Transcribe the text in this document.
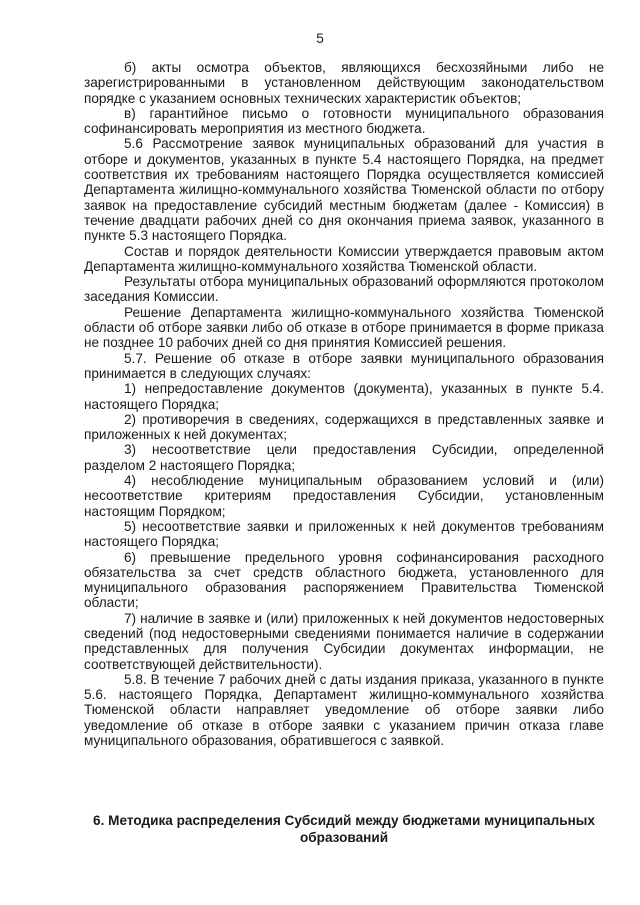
5

б) акты осмотра объектов, являющихся бесхозяйными либо не зарегистрированными в установленном действующим законодательством порядке с указанием основных технических характеристик объектов;

в) гарантийное письмо о готовности муниципального образования софинансировать мероприятия из местного бюджета.

5.6 Рассмотрение заявок муниципальных образований для участия в отборе и документов, указанных в пункте 5.4 настоящего Порядка, на предмет соответствия их требованиям настоящего Порядка осуществляется комиссией Департамента жилищно-коммунального хозяйства Тюменской области по отбору заявок на предоставление субсидий местным бюджетам (далее - Комиссия) в течение двадцати рабочих дней со дня окончания приема заявок, указанного в пункте 5.3 настоящего Порядка.

Состав и порядок деятельности Комиссии утверждается правовым актом Департамента жилищно-коммунального хозяйства Тюменской области.

Результаты отбора муниципальных образований оформляются протоколом заседания Комиссии.

Решение Департамента жилищно-коммунального хозяйства Тюменской области об отборе заявки либо об отказе в отборе принимается в форме приказа не позднее 10 рабочих дней со дня принятия Комиссией решения.

5.7. Решение об отказе в отборе заявки муниципального образования принимается в следующих случаях:

1) непредоставление документов (документа), указанных в пункте 5.4. настоящего Порядка;

2) противоречия в сведениях, содержащихся в представленных заявке и приложенных к ней документах;

3) несоответствие цели предоставления Субсидии, определенной разделом 2 настоящего Порядка;

4) несоблюдение муниципальным образованием условий и (или) несоответствие критериям предоставления Субсидии, установленным настоящим Порядком;

5) несоответствие заявки и приложенных к ней документов требованиям настоящего Порядка;

6) превышение предельного уровня софинансирования расходного обязательства за счет средств областного бюджета, установленного для муниципального образования распоряжением Правительства Тюменской области;

7) наличие в заявке и (или) приложенных к ней документов недостоверных сведений (под недостоверными сведениями понимается наличие в содержании представленных для получения Субсидии документах информации, не соответствующей действительности).

5.8. В течение 7 рабочих дней с даты издания приказа, указанного в пункте 5.6. настоящего Порядка, Департамент жилищно-коммунального хозяйства Тюменской области направляет уведомление об отборе заявки либо уведомление об отказе в отборе заявки с указанием причин отказа главе муниципального образования, обратившегося с заявкой.

6. Методика распределения Субсидий между бюджетами муниципальных образований
